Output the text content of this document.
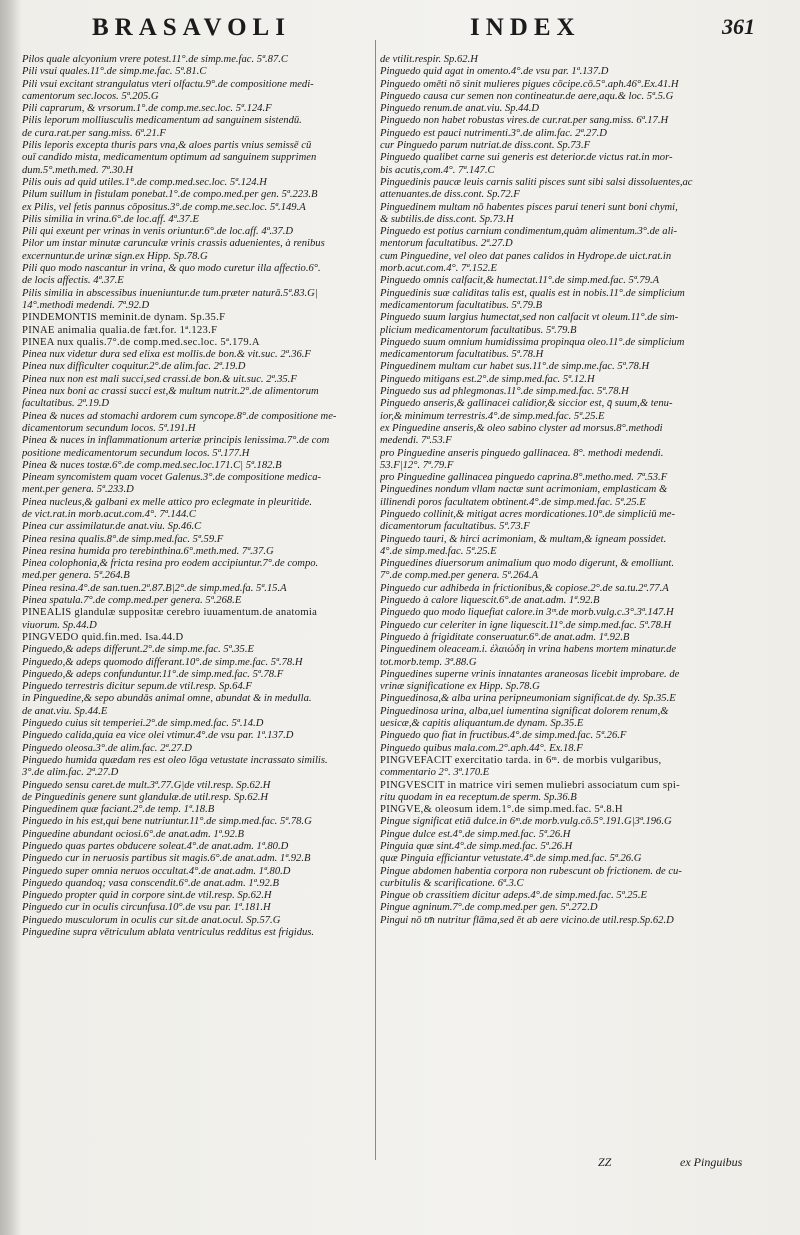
BRASAVOLI	INDEX	361
Pilos quale alcyonium vrere potest.11°.de simp.me.fac. 5ª.87.C
Pili vsui quales.11°.de simp.me.fac. 5ª.81.C
Pili vsui excitant strangulatus vteri olfactu.9°.de compositione medi-
camentorum sec.locos. 5ª.205.G
Pili caprarum, & vrsorum.1°.de comp.me.sec.loc. 5ª.124.F
Pilis leporum molliusculis medicamentum ad sanguinem sistendū.
de cura.rat.per sang.miss. 6ª.21.F
Pilis leporis excepta thuris pars vna,& aloes partis vnius semissē cū
ouī candido mista, medicamentum optimum ad sanguinem supprimen
dum.5°.meth.med. 7ª.30.H
Pilis ouis ad quid utiles.1°.de comp.med.sec.loc. 5ª.124.H
Pilum suillum in fistulam ponebat.1°.de compo.med.per gen. 5ª.223.B
ex Pilis, vel fetis pannus cōpositus.3°.de comp.me.sec.loc. 5ª.149.A
Pilis similia in vrina.6°.de loc.aff. 4ª.37.E
Pili qui exeunt per vrinas in venis oriuntur.6°.de loc.aff. 4ª.37.D
Pilor um instar minutæ carunculæ vrinis crassis aduenientes, à renibus
excernuntur.de urinæ sign.ex Hipp. Sp.78.G
Pili quo modo nascantur in vrina, & quo modo curetur illa affectio.6°.
de locis affectis. 4ª.37.E
Pilis similia in abscessibus inueniuntur.de tum.præter naturā.5ª.83.G|
14°.methodi medendi. 7ª.92.D
PINDEMONTIS meminit.de dynam. Sp.35.F
PINAE animalia qualia.de fæt.for. 1ª.123.F
PINEA nux qualis.7°.de comp.med.sec.loc. 5ª.179.A
Pinea nux videtur dura sed elixa est mollis.de bon.& vit.suc. 2ª.36.F
Pinea nux difficulter coquitur.2°.de alim.fac. 2ª.19.D
Pinea nux non est mali succi,sed crassi.de bon.& uit.suc. 2ª.35.F
Pinea nux boni ac crassi succi est,& multum nutrit.2°.de alimentorum
facultatibus. 2ª.19.D
Pinea & nuces ad stomachi ardorem cum syncope.8°.de compositione me-
dicamentorum secundum locos. 5ª.191.H
Pinea & nuces in inflammationum arteriæ principis lenissima.7°.de com
positione medicamentorum secundum locos. 5ª.177.H
Pinea & nuces tostæ.6°.de comp.med.sec.loc.171.C| 5ª.182.B
Pineam syncomistem quam vocet Galenus.3°.de compositione medica-
ment.per genera. 5ª.233.D
Pinea nucleus,& galbani ex melle attico pro eclegmate in pleuritide.
de vict.rat.in morb.acut.com.4°. 7ª.144.C
Pinea cur assimilatur.de anat.viu. Sp.46.C
Pinea resina qualis.8°.de simp.med.fac. 5ª.59.F
Pinea resina humida pro terebinthina.6°.meth.med. 7ª.37.G
Pinea colophonia,& fricta resina pro eodem accipiuntur.7°.de compo.
med.per genera. 5ª.264.B
Pinea resina.4°.de san.tuen.2ª.87.B|2°.de simp.med.fa. 5ª.15.A
Pinea spatula.7°.de comp.med.per genera. 5ª.268.E
PINEALIS glandulæ suppositæ cerebro iuuamentum.de anatomia
viuorum. Sp.44.D
PINGVEDO quid.fin.med. Isa.44.D
Pinguedo,& adeps differunt.2°.de simp.me.fac. 5ª.35.E
Pinguedo,& adeps quomodo differant.10°.de simp.me.fac. 5ª.78.H
Pinguedo,& adeps confunduntur.11°.de simp.med.fac. 5ª.78.F
Pinguedo terrestris dicitur sepum.de vtil.resp. Sp.64.F
in Pinguedine,& sepo abundās animal omne, abundat & in medulla.
de anat.viu. Sp.44.E
Pinguedo cuius sit temperiei.2°.de simp.med.fac. 5ª.14.D
Pinguedo calida,quia ea vice olei vtimur.4°.de vsu par. 1ª.137.D
Pinguedo oleosa.3°.de alim.fac. 2ª.27.D
Pinguedo humida quædam res est oleo lōga vetustate incrassato similis.
3°.de alim.fac. 2ª.27.D
Pinguedo sensu caret.de mult.3ª.77.G|de vtil.resp. Sp.62.H
de Pinguedinis genere sunt glandulæ.de util.resp. Sp.62.H
Pinguedinem quæ faciant.2°.de temp. 1ª.18.B
Pinguedo in his est,qui bene nutriuntur.11°.de simp.med.fac. 5ª.78.G
Pinguedine abundant ociosi.6°.de anat.adm. 1ª.92.B
Pinguedo quas partes obducere soleat.4°.de anat.adm. 1ª.80.D
Pinguedo cur in neruosis partibus sit magis.6°.de anat.adm. 1ª.92.B
Pinguedo super omnia neruos occultat.4°.de anat.adm. 1ª.80.D
Pinguedo quandoq; vasa conscendit.6°.de anat.adm. 1ª.92.B
Pinguedo propter quid in corpore sint.de vtil.resp. Sp.62.H
Pinguedo cur in oculis circunfusa.10°.de vsu par. 1ª.181.H
Pinguedo musculorum in oculis cur sit.de anat.ocul. Sp.57.G
Pinguedine supra vētriculum ablata ventriculus redditus est frigidus.
de vtilit.respir. Sp.62.H
Pinguedo quid agat in omento.4°.de vsu par. 1ª.137.D
Pinguedo omēti nō sinit mulieres pigues cōcipe.cō.5°.aph.46°.Ex.41.H
Pinguedo causa cur semen non contineatur.de aere,aqu.& loc. 5ª.5.G
Pinguedo renum.de anat.viu. Sp.44.D
Pinguedo non habet robustas vires.de cur.rat.per sang.miss. 6ª.17.H
Pinguedo est pauci nutrimenti.3°.de alim.fac. 2ª.27.D
cur Pinguedo parum nutriat.de diss.cont. Sp.73.F
Pinguedo qualibet carne sui generis est deterior.de victus rat.in mor-
bis acutis,com.4°. 7ª.147.C
Pinguedinis paucæ leuis carnis saliti pisces sunt sibi salsi dissoluentes,ac
attenuantes.de diss.cont. Sp.72.F
Pinguedinem multam nō habentes pisces parui teneri sunt boni chymi,
& subtilis.de diss.cont. Sp.73.H
Pinguedo est potius carnium condimentum,quàm alimentum.3°.de ali-
mentorum facultatibus. 2ª.27.D
cum Pinguedine, vel oleo dat panes calidos in Hydrope.de uict.rat.in
morb.acut.com.4°. 7ª.152.E
Pinguedo omnis calfacit,& humectat.11°.de simp.med.fac. 5ª.79.A
Pinguedinis suæ caliditas talis est, qualis est in nobis.11°.de simplicium
medicamentorum facultatibus. 5ª.79.B
Pinguedo suum largius humectat,sed non calfacit vt oleum.11°.de sim-
plicium medicamentorum facultatibus. 5ª.79.B
Pinguedo suum omnium humidissima propinqua oleo.11°.de simplicium
medicamentorum facultatibus. 5ª.78.H
Pinguedinem multam cur habet sus.11°.de simp.me.fac. 5ª.78.H
Pinguedo mitigans est.2°.de simp.med.fac. 5ª.12.H
Pinguedo sus ad phlegmonas.11°.de simp.med.fac. 5ª.78.H
Pinguedo anseris,& gallinacei calidior,& siccior est, q̄ suum,& tenu-
ior,& minimum terrestris.4°.de simp.med.fac. 5ª.25.E
ex Pinguedine anseris,& oleo sabino clyster ad morsus.8°.methodi
medendi. 7ª.53.F
pro Pinguedine anseris pinguedo gallinacea. 8°. methodi medendi.
53.F|12°. 7ª.79.F
pro Pinguedine gallinacea pinguedo caprina.8°.metho.med. 7ª.53.F
Pinguedines nondum vllam nactæ sunt acrimoniam, emplasticam &
illinendi poros facultatem obtinent.4°.de simp.med.fac. 5ª.25.E
Pinguedo collinit,& mitigat acres mordicationes.10°.de simpliciū me-
dicamentorum facultatibus. 5ª.73.F
Pinguedo tauri, & hirci acrimoniam, & multam,& igneam possidet.
4°.de simp.med.fac. 5ª.25.E
Pinguedines diuersorum animalium quo modo digerunt, & emolliunt.
7°.de comp.med.per genera. 5ª.264.A
Pinguedo cur adhibeda in frictionibus,& copiose.2°.de sa.tu.2ª.77.A
Pinguedo à calore liquescit.6°.de anat.adm. 1ª.92.B
Pinguedo quo modo liquefiat calore.in 3ᵐ.de morb.vulg.c.3°.3ª.147.H
Pinguedo cur celeriter in igne liquescit.11°.de simp.med.fac. 5ª.78.H
Pinguedo à frigiditate conseruatur.6°.de anat.adm. 1ª.92.B
Pinguedinem oleaceam.i. ἐλαιώδη in vrina habens mortem minatur.de
tot.morb.temp. 3ª.88.G
Pinguedines superne vrinis innatantes araneosas licebit improbare. de
vrinæ significatione ex Hipp. Sp.78.G
Pinguedinosa,& alba urina peripneumoniam significat.de dy. Sp.35.E
Pinguedinosa urina, alba,uel iumentina significat dolorem renum,&
uesicæ,& capitis aliquantum.de dynam. Sp.35.E
Pinguedo quo fiat in fructibus.4°.de simp.med.fac. 5ª.26.F
Pinguedo quibus mala.com.2°.aph.44°. Ex.18.F
PINGVEFACIT exercitatio tarda. in 6ᵐ. de morbis vulgaribus,
commentario 2°. 3ª.170.E
PINGVESCIT in matrice viri semen muliebri associatum cum spi-
ritu quodam in ea receptum.de sperm. Sp.36.B
PINGVE,& oleosum idem.1°.de simp.med.fac. 5ª.8.H
Pingue significat etiā dulce.in 6ᵐ.de morb.vulg.cō.5°.191.G|3ª.196.G
Pingue dulce est.4°.de simp.med.fac. 5ª.26.H
Pinguia quæ sint.4°.de simp.med.fac. 5ª.26.H
quæ Pinguia efficiantur vetustate.4°.de simp.med.fac. 5ª.26.G
Pingue abdomen habentia corpora non rubescunt ob frictionem. de cu-
curbitulis & scarificatione. 6ª.3.C
Pingue ob crassitiem dicitur adeps.4°.de simp.med.fac. 5ª.25.E
Pingue agninum.7°.de comp.med.per gen. 5ª.272.D
Pingui nō tm̄ nutritur flāma,sed ēt ab aere vicino.de util.resp.Sp.62.D
ZZ	ex Pinguibus
